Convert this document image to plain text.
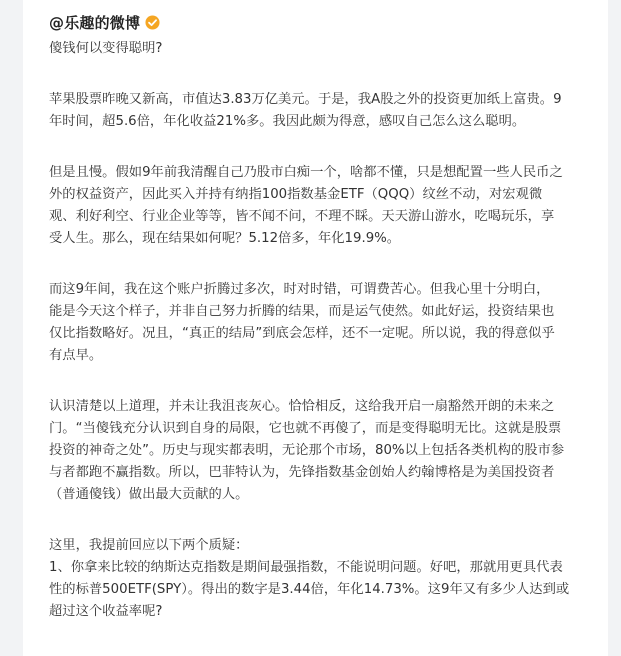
@乐趣的微博
傻钱何以变得聪明?
苹果股票昨晚又新高，市值达3.83万亿美元。于是，我A股之外的投资更加纸上富贵。9
年时间，超5.6倍，年化收益21%多。我因此颇为得意，感叹自己怎么这么聪明。
但是且慢。假如9年前我清醒自己乃股市白痴一个，啥都不懂，只是想配置一些人民币之
外的权益资产，因此买入并持有纳指100指数基金ETF（QQQ）纹丝不动，对宏观微
观、利好利空、行业企业等等，皆不闻不问，不理不睬。天天游山游水，吃喝玩乐，享
受人生。那么，现在结果如何呢？5.12倍多，年化19.9%。
而这9年间，我在这个账户折腾过多次，时对时错，可谓费苦心。但我心里十分明白，
能是今天这个样子，并非自己努力折腾的结果，而是运气使然。如此好运，投资结果也
仅比指数略好。况且，“真正的结局”到底会怎样，还不一定呢。所以说，我的得意似乎
有点早。
认识清楚以上道理，并未让我沮丧灰心。恰恰相反，这给我开启一扇豁然开朗的未来之
门。“当傻钱充分认识到自身的局限，它也就不再傻了，而是变得聪明无比。这就是股票
投资的神奇之处”。历史与现实都表明，无论那个市场，80%以上包括各类机构的股市参
与者都跑不赢指数。所以，巴菲特认为，先锋指数基金创始人约翰博格是为美国投资者
（普通傻钱）做出最大贡献的人。
这里，我提前回应以下两个质疑：
1、你拿来比较的纳斯达克指数是期间最强指数，不能说明问题。好吧，那就用更具代表
性的标普500ETF(SPY）。得出的数字是3.44倍，年化14.73%。这9年又有多少人达到或
超过这个收益率呢?
